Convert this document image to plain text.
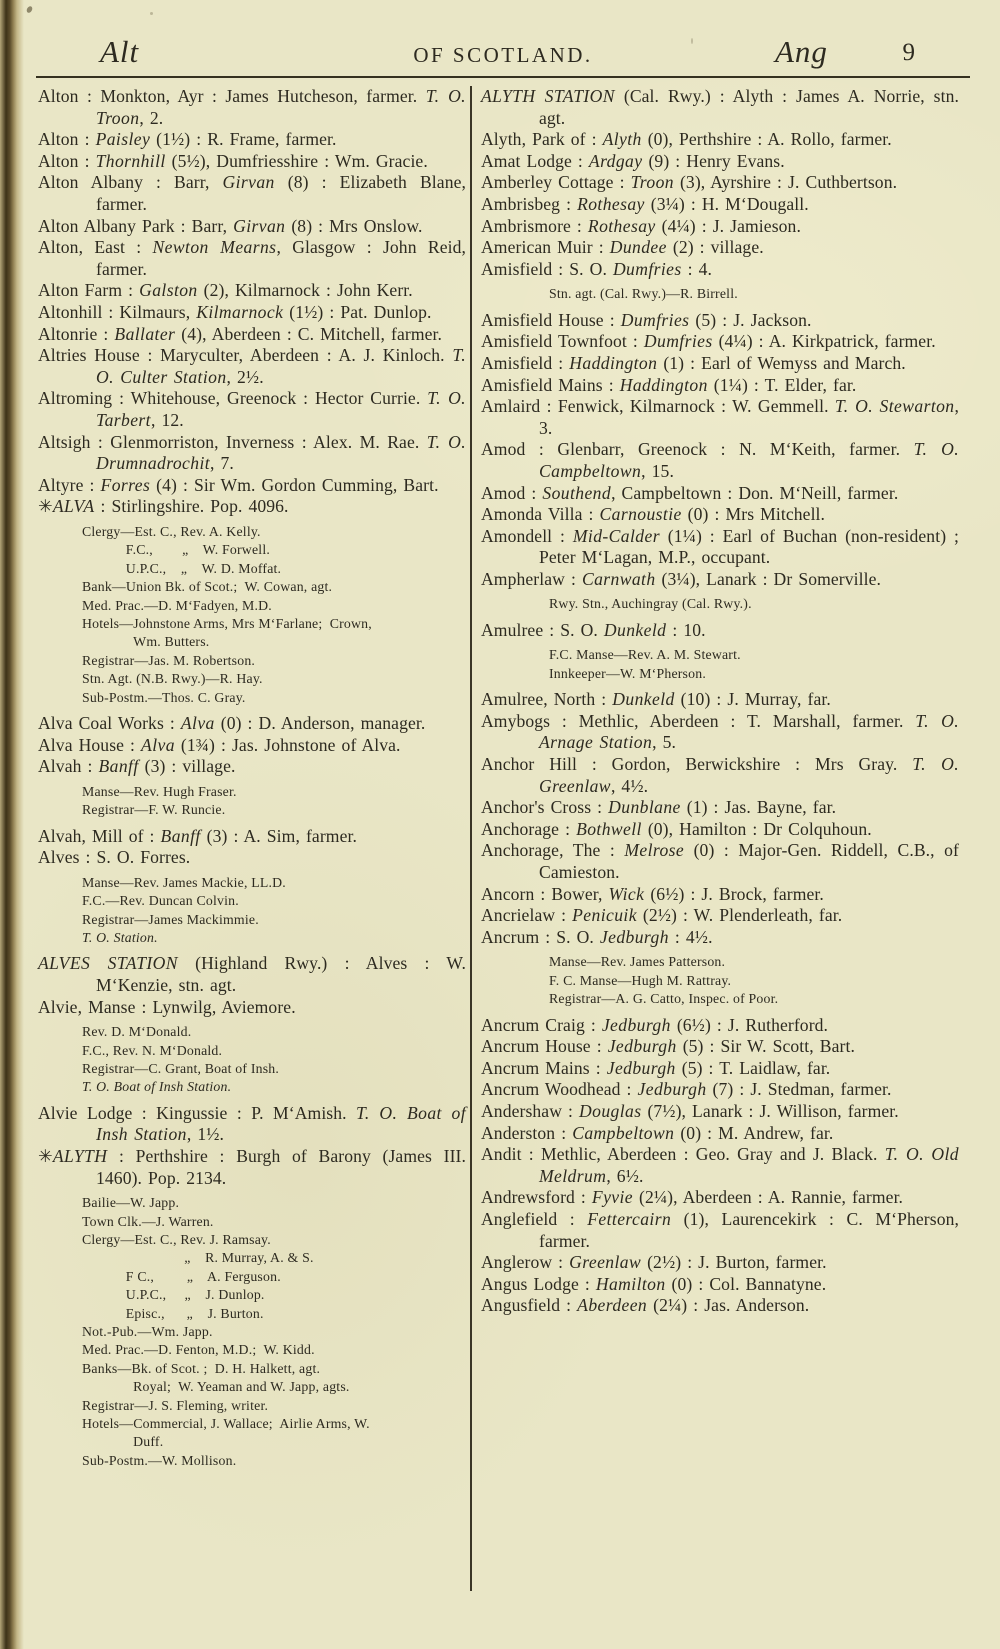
Alt	OF SCOTLAND.	Ang	9
Alton : Monkton, Ayr : James Hutcheson, farmer. T. O. Troon, 2.
Alton : Paisley (1½) : R. Frame, farmer.
Alton : Thornhill (5½), Dumfriesshire : Wm. Gracie.
Alton Albany : Barr, Girvan (8) : Elizabeth Blane, farmer.
Alton Albany Park : Barr, Girvan (8) : Mrs Onslow.
Alton, East : Newton Mearns, Glasgow : John Reid, farmer.
Alton Farm : Galston (2), Kilmarnock : John Kerr.
Altonhill : Kilmaurs, Kilmarnock (1½) : Pat. Dunlop.
Altonrie : Ballater (4), Aberdeen : C. Mitchell, farmer.
Altries House : Maryculter, Aberdeen : A. J. Kinloch. T. O. Culter Station, 2½.
Altroming : Whitehouse, Greenock : Hector Currie. T. O. Tarbert, 12.
Altsigh : Glenmorriston, Inverness : Alex. M. Rae. T. O. Drumnadrochit, 7.
Altyre : Forres (4) : Sir Wm. Gordon Cumming, Bart.
✳ALVA : Stirlingshire. Pop. 4096.
Clergy—Est. C., Rev. A. Kelly.
F.C.,        „    W. Forwell.
U.P.C.,    „    W. D. Moffat.
Bank—Union Bk. of Scot.;  W. Cowan, agt.
Med. Prac.—D. M‘Fadyen, M.D.
Hotels—Johnstone Arms, Mrs M‘Farlane;  Crown,
Wm. Butters.
Registrar—Jas. M. Robertson.
Stn. Agt. (N.B. Rwy.)—R. Hay.
Sub-Postm.—Thos. C. Gray.
Alva Coal Works : Alva (0) : D. Anderson, manager.
Alva House : Alva (1¾) : Jas. Johnstone of Alva.
Alvah : Banff (3) : village.
Manse—Rev. Hugh Fraser.
Registrar—F. W. Runcie.
Alvah, Mill of : Banff (3) : A. Sim, farmer.
Alves : S. O. Forres.
Manse—Rev. James Mackie, LL.D.
F.C.—Rev. Duncan Colvin.
Registrar—James Mackimmie.
T. O. Station.
ALVES STATION (Highland Rwy.) : Alves : W. M‘Kenzie, stn. agt.
Alvie, Manse : Lynwilg, Aviemore.
Rev. D. M‘Donald.
F.C., Rev. N. M‘Donald.
Registrar—C. Grant, Boat of Insh.
T. O. Boat of Insh Station.
Alvie Lodge : Kingussie : P. M‘Amish. T. O. Boat of Insh Station, 1½.
✳ALYTH : Perthshire : Burgh of Barony (James III. 1460). Pop. 2134.
Bailie—W. Japp.
Town Clk.—J. Warren.
Clergy—Est. C., Rev. J. Ramsay.
„    R. Murray, A. & S.
F C.,         „    A. Ferguson.
U.P.C.,     „    J. Dunlop.
Episc.,      „    J. Burton.
Not.-Pub.—Wm. Japp.
Med. Prac.—D. Fenton, M.D.;  W. Kidd.
Banks—Bk. of Scot. ;  D. H. Halkett, agt.
Royal;  W. Yeaman and W. Japp, agts.
Registrar—J. S. Fleming, writer.
Hotels—Commercial, J. Wallace;  Airlie Arms, W.
Duff.
Sub-Postm.—W. Mollison.
ALYTH STATION (Cal. Rwy.) : Alyth : James A. Norrie, stn. agt.
Alyth, Park of : Alyth (0), Perthshire : A. Rollo, farmer.
Amat Lodge : Ardgay (9) : Henry Evans.
Amberley Cottage : Troon (3), Ayrshire : J. Cuthbertson.
Ambrisbeg : Rothesay (3¼) : H. M‘Dougall.
Ambrismore : Rothesay (4¼) : J. Jamieson.
American Muir : Dundee (2) : village.
Amisfield : S. O. Dumfries : 4.
Stn. agt. (Cal. Rwy.)—R. Birrell.
Amisfield House : Dumfries (5) : J. Jackson.
Amisfield Townfoot : Dumfries (4¼) : A. Kirkpatrick, farmer.
Amisfield : Haddington (1) : Earl of Wemyss and March.
Amisfield Mains : Haddington (1¼) : T. Elder, far.
Amlaird : Fenwick, Kilmarnock : W. Gemmell. T. O. Stewarton, 3.
Amod : Glenbarr, Greenock : N. M‘Keith, farmer. T. O. Campbeltown, 15.
Amod : Southend, Campbeltown : Don. M‘Neill, farmer.
Amonda Villa : Carnoustie (0) : Mrs Mitchell.
Amondell : Mid-Calder (1¼) : Earl of Buchan (non-resident) ; Peter M‘Lagan, M.P., occupant.
Ampherlaw : Carnwath (3¼), Lanark : Dr Somerville.
Rwy. Stn., Auchingray (Cal. Rwy.).
Amulree : S. O. Dunkeld : 10.
F.C. Manse—Rev. A. M. Stewart.
Innkeeper—W. M‘Pherson.
Amulree, North : Dunkeld (10) : J. Murray, far.
Amybogs : Methlic, Aberdeen : T. Marshall, farmer. T. O. Arnage Station, 5.
Anchor Hill : Gordon, Berwickshire : Mrs Gray. T. O. Greenlaw, 4½.
Anchor's Cross : Dunblane (1) : Jas. Bayne, far.
Anchorage : Bothwell (0), Hamilton : Dr Colquhoun.
Anchorage, The : Melrose (0) : Major-Gen. Riddell, C.B., of Camieston.
Ancorn : Bower, Wick (6½) : J. Brock, farmer.
Ancrielaw : Penicuik (2½) : W. Plenderleath, far.
Ancrum : S. O. Jedburgh : 4½.
Manse—Rev. James Patterson.
F. C. Manse—Hugh M. Rattray.
Registrar—A. G. Catto, Inspec. of Poor.
Ancrum Craig : Jedburgh (6½) : J. Rutherford.
Ancrum House : Jedburgh (5) : Sir W. Scott, Bart.
Ancrum Mains : Jedburgh (5) : T. Laidlaw, far.
Ancrum Woodhead : Jedburgh (7) : J. Stedman, farmer.
Andershaw : Douglas (7½), Lanark : J. Willison, farmer.
Anderston : Campbeltown (0) : M. Andrew, far.
Andit : Methlic, Aberdeen : Geo. Gray and J. Black. T. O. Old Meldrum, 6½.
Andrewsford : Fyvie (2¼), Aberdeen : A. Rannie, farmer.
Anglefield : Fettercairn (1), Laurencekirk : C. M‘Pherson, farmer.
Anglerow : Greenlaw (2½) : J. Burton, farmer.
Angus Lodge : Hamilton (0) : Col. Bannatyne.
Angusfield : Aberdeen (2¼) : Jas. Anderson.
